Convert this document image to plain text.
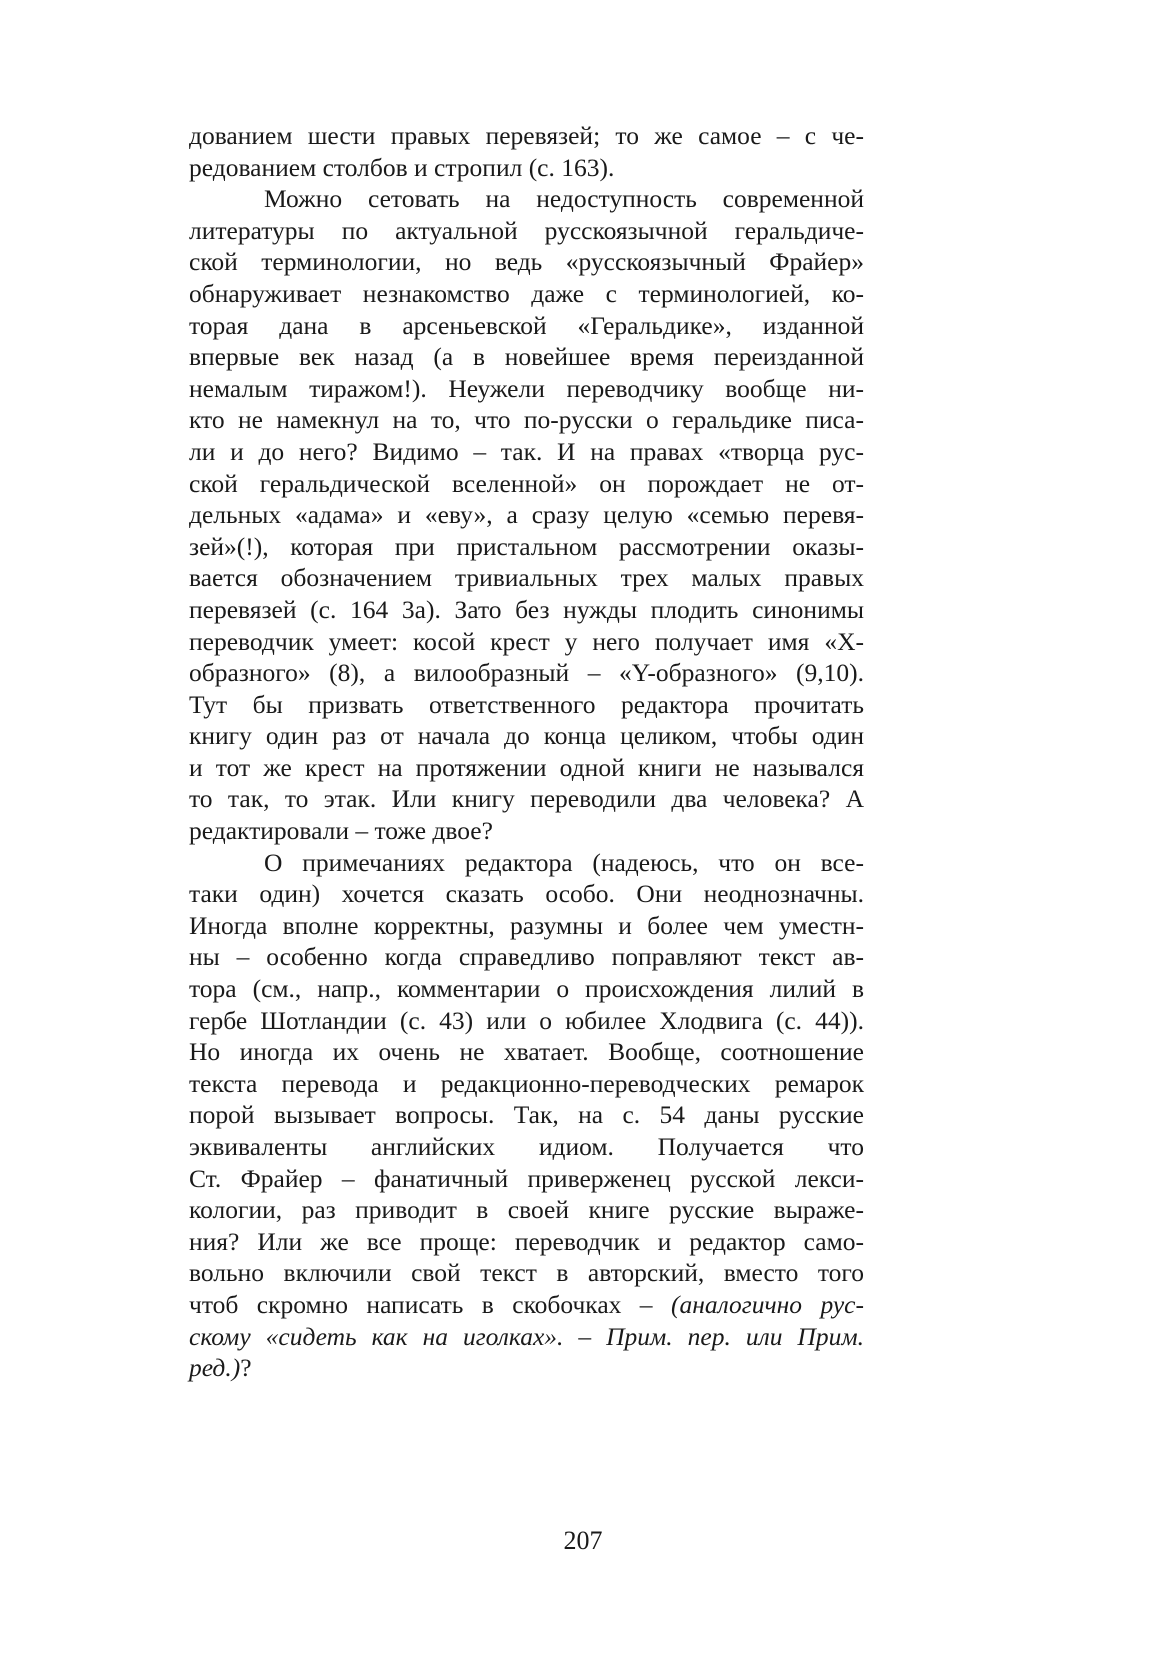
дованием шести правых перевязей; то же самое – с че-
редованием столбов и стропил (с. 163).
Можно сетовать на недоступность современной
литературы по актуальной русскоязычной геральдиче-
ской терминологии, но ведь «русскоязычный Фрайер»
обнаруживает незнакомство даже с терминологией, ко-
торая дана в арсеньевской «Геральдике», изданной
впервые век назад (а в новейшее время переизданной
немалым тиражом!). Неужели переводчику вообще ни-
кто не намекнул на то, что по-русски о геральдике писа-
ли и до него? Видимо – так. И на правах «творца рус-
ской геральдической вселенной» он порождает не от-
дельных «адама» и «еву», а сразу целую «семью перевя-
зей»(!), которая при пристальном рассмотрении оказы-
вается обозначением тривиальных трех малых правых
перевязей (с. 164 3а). Зато без нужды плодить синонимы
переводчик умеет: косой крест у него получает имя «X-
образного» (8), а вилообразный – «Y-образного» (9,10).
Тут бы призвать ответственного редактора прочитать
книгу один раз от начала до конца целиком, чтобы один
и тот же крест на протяжении одной книги не назывался
то так, то этак. Или книгу переводили два человека? А
редактировали – тоже двое?
О примечаниях редактора (надеюсь, что он все-
таки один) хочется сказать особо. Они неоднозначны.
Иногда вполне корректны, разумны и более чем уместн-
ны – особенно когда справедливо поправляют текст ав-
тора (см., напр., комментарии о происхождения лилий в
гербе Шотландии (с. 43) или о юбилее Хлодвига (с. 44)).
Но иногда их очень не хватает. Вообще, соотношение
текста перевода и редакционно-переводческих ремарок
порой вызывает вопросы. Так, на с. 54 даны русские
эквиваленты английских идиом. Получается что
Ст. Фрайер – фанатичный приверженец русской лекси-
кологии, раз приводит в своей книге русские выраже-
ния? Или же все проще: переводчик и редактор само-
вольно включили свой текст в авторский, вместо того
чтоб скромно написать в скобочках – (аналогично рус-
скому «сидеть как на иголках». – Прим. пер. или Прим.
ред.)?
207
